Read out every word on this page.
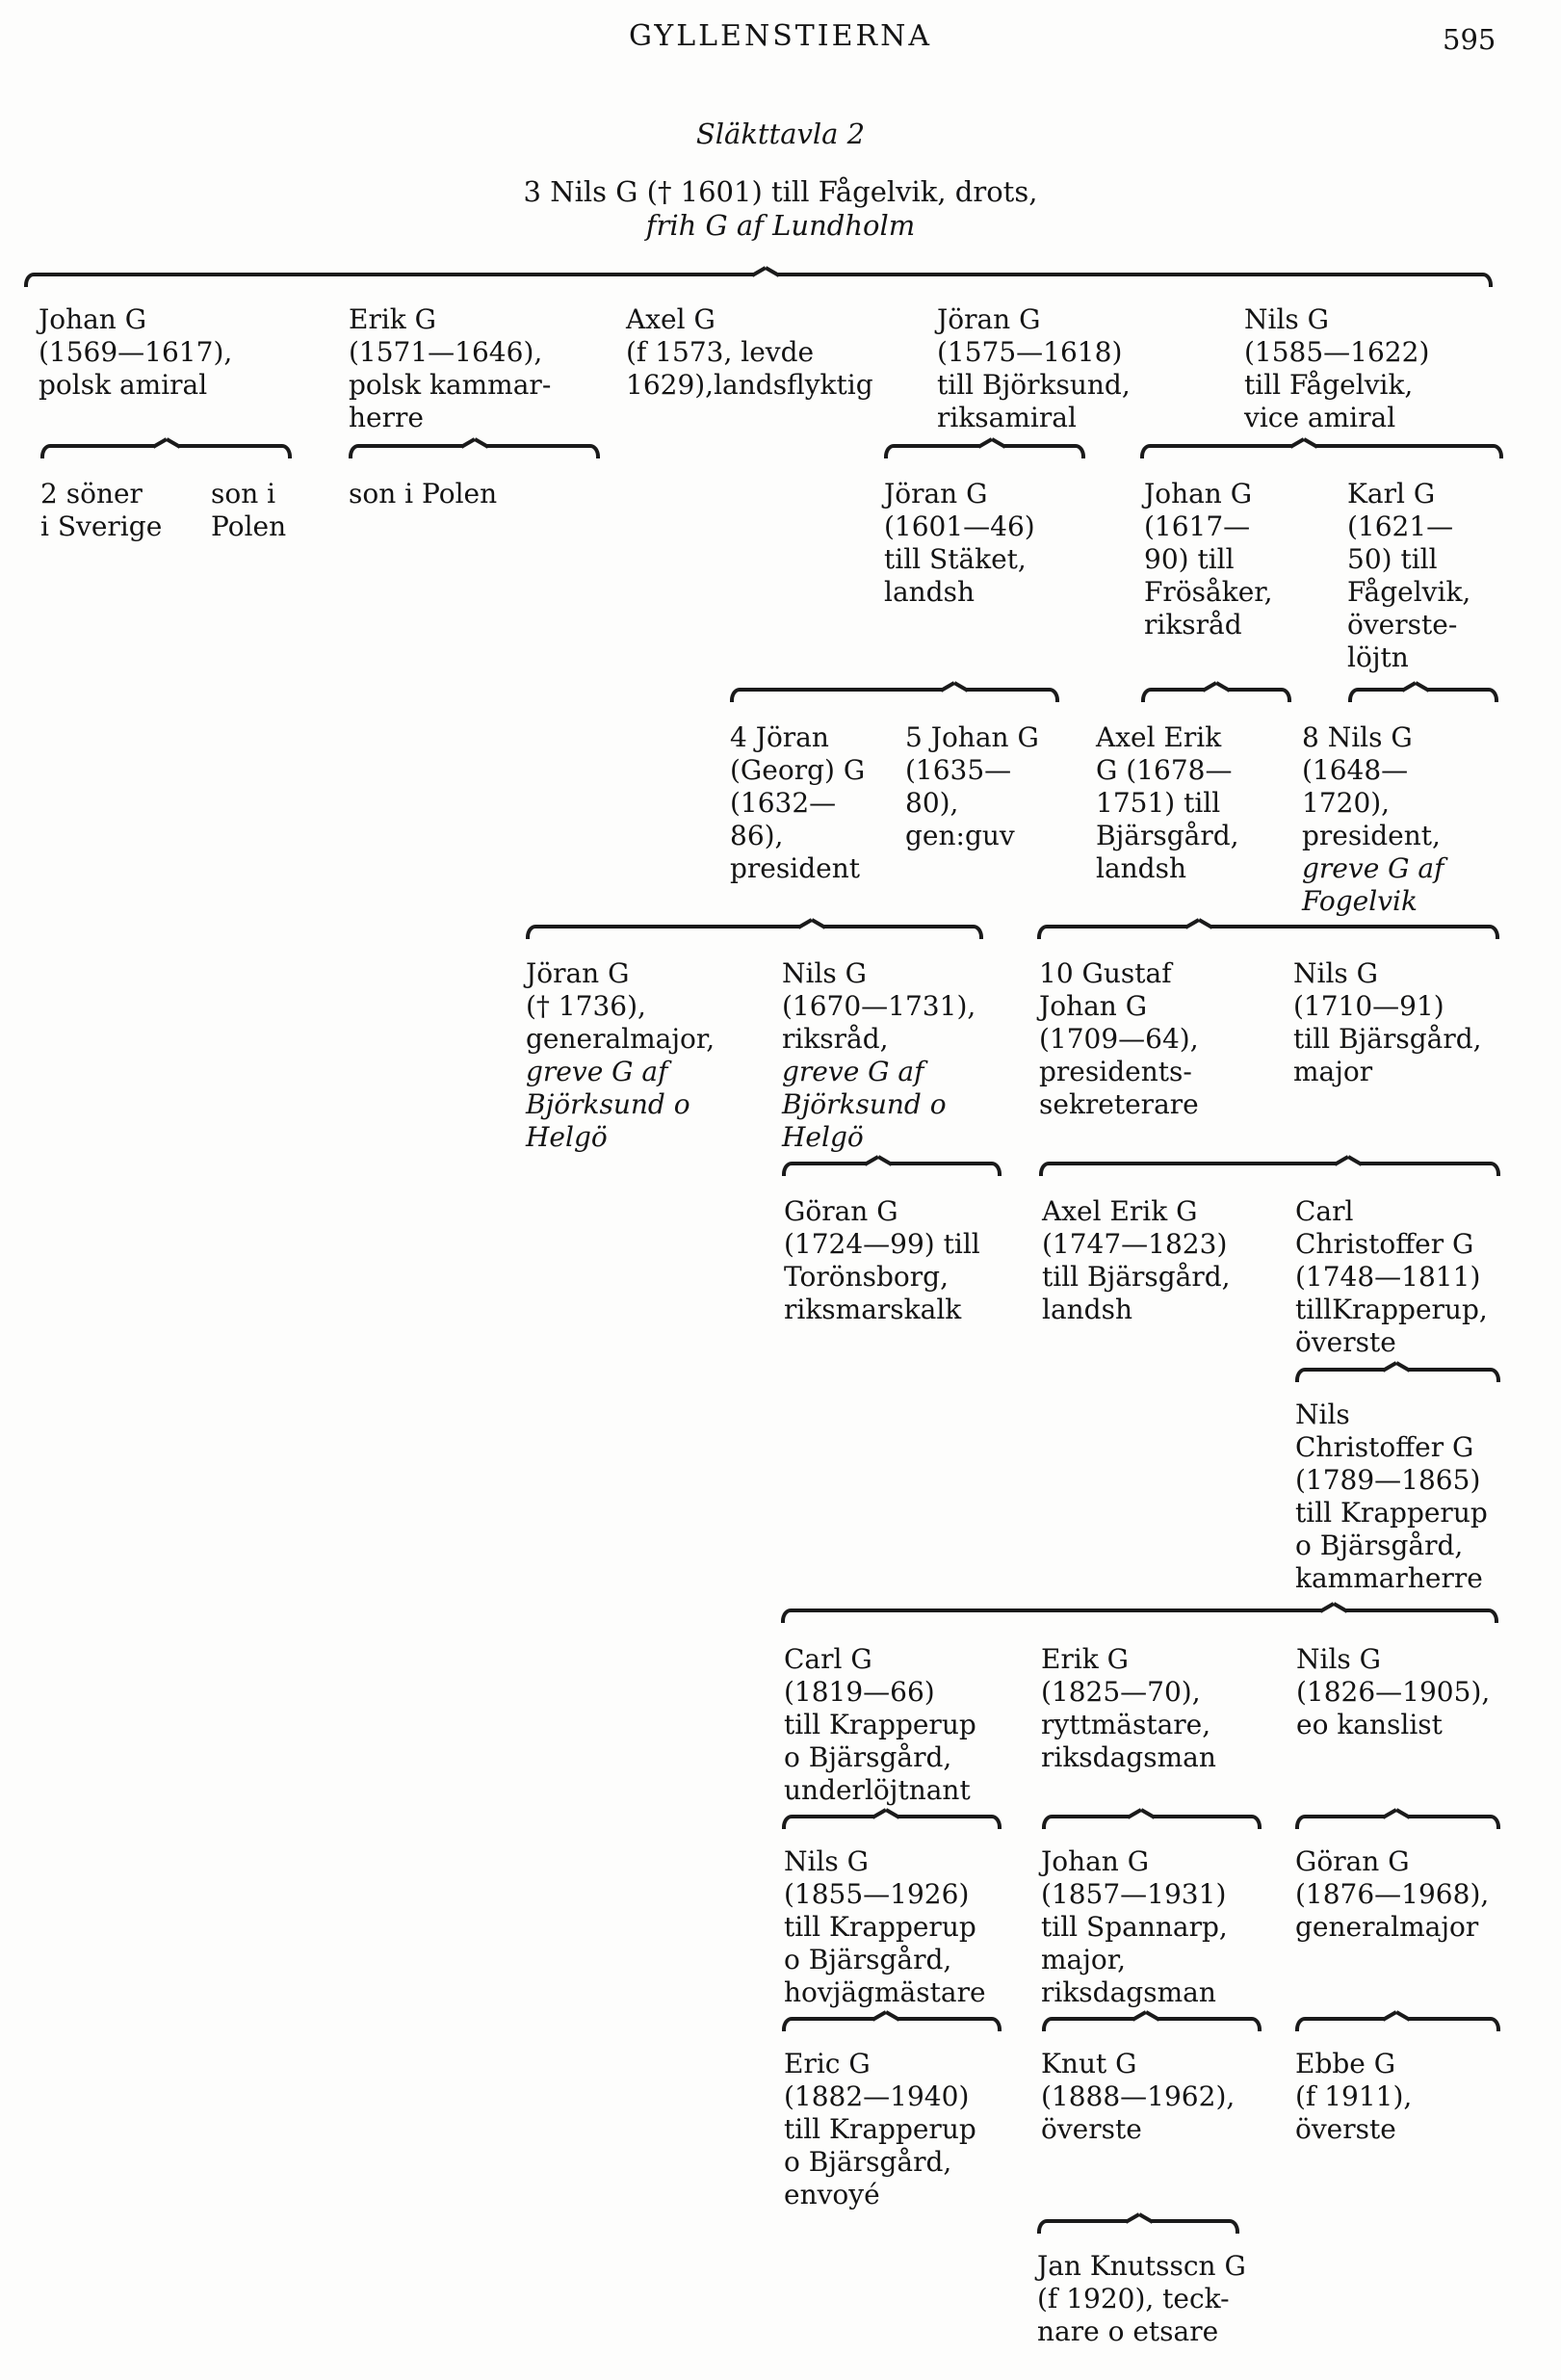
GYLLENSTIERNA	595
Släkttavla 2
3 Nils G († 1601) till Fågelvik, drots,
frih G af Lundholm
Johan G
(1569—1617),
polsk amiral
Erik G
(1571—1646),
polsk kammar-
herre
Axel G
(f 1573, levde
1629),landsflyktig
Jöran G
(1575—1618)
till Björksund,
riksamiral
Nils G
(1585—1622)
till Fågelvik,
vice amiral
2 söner
i Sverige
son i
Polen
son i Polen	Jöran G
(1601—46)
till Stäket,
landsh
Johan G
(1617—
90) till
Frösåker,
riksråd
Karl G
(1621—
50) till
Fågelvik,
överste-
löjtn
4 Jöran
(Georg) G
(1632—
86),
president
5 Johan G
(1635—
80),
gen:guv
Axel Erik
G (1678—
1751) till
Bjärsgård,
landsh
8 Nils G
(1648—
1720),
president,
greve G af
Fogelvik
Jöran G
(† 1736),
generalmajor,
greve G af
Björksund o
Helgö
Nils G
(1670—1731),
riksråd,
greve G af
Björksund o
Helgö
10 Gustaf
Johan G
(1709—64),
presidents-
sekreterare
Nils G
(1710—91)
till Bjärsgård,
major
Göran G
(1724—99) till
Torönsborg,
riksmarskalk
Axel Erik G
(1747—1823)
till Bjärsgård,
landsh
Carl
Christoffer G
(1748—1811)
tillKrapperup,
överste
Nils
Christoffer G
(1789—1865)
till Krapperup
o Bjärsgård,
kammarherre
Carl G
(1819—66)
till Krapperup
o Bjärsgård,
underlöjtnant
Erik G
(1825—70),
ryttmästare,
riksdagsman
Nils G
(1826—1905),
eo kanslist
Nils G
(1855—1926)
till Krapperup
o Bjärsgård,
hovjägmästare
Johan G
(1857—1931)
till Spannarp,
major,
riksdagsman
Göran G
(1876—1968),
generalmajor
Eric G
(1882—1940)
till Krapperup
o Bjärsgård,
envoyé
Knut G
(1888—1962),
överste
Ebbe G
(f 1911),
överste
Jan Knutsscn G
(f 1920), teck-
nare o etsare
